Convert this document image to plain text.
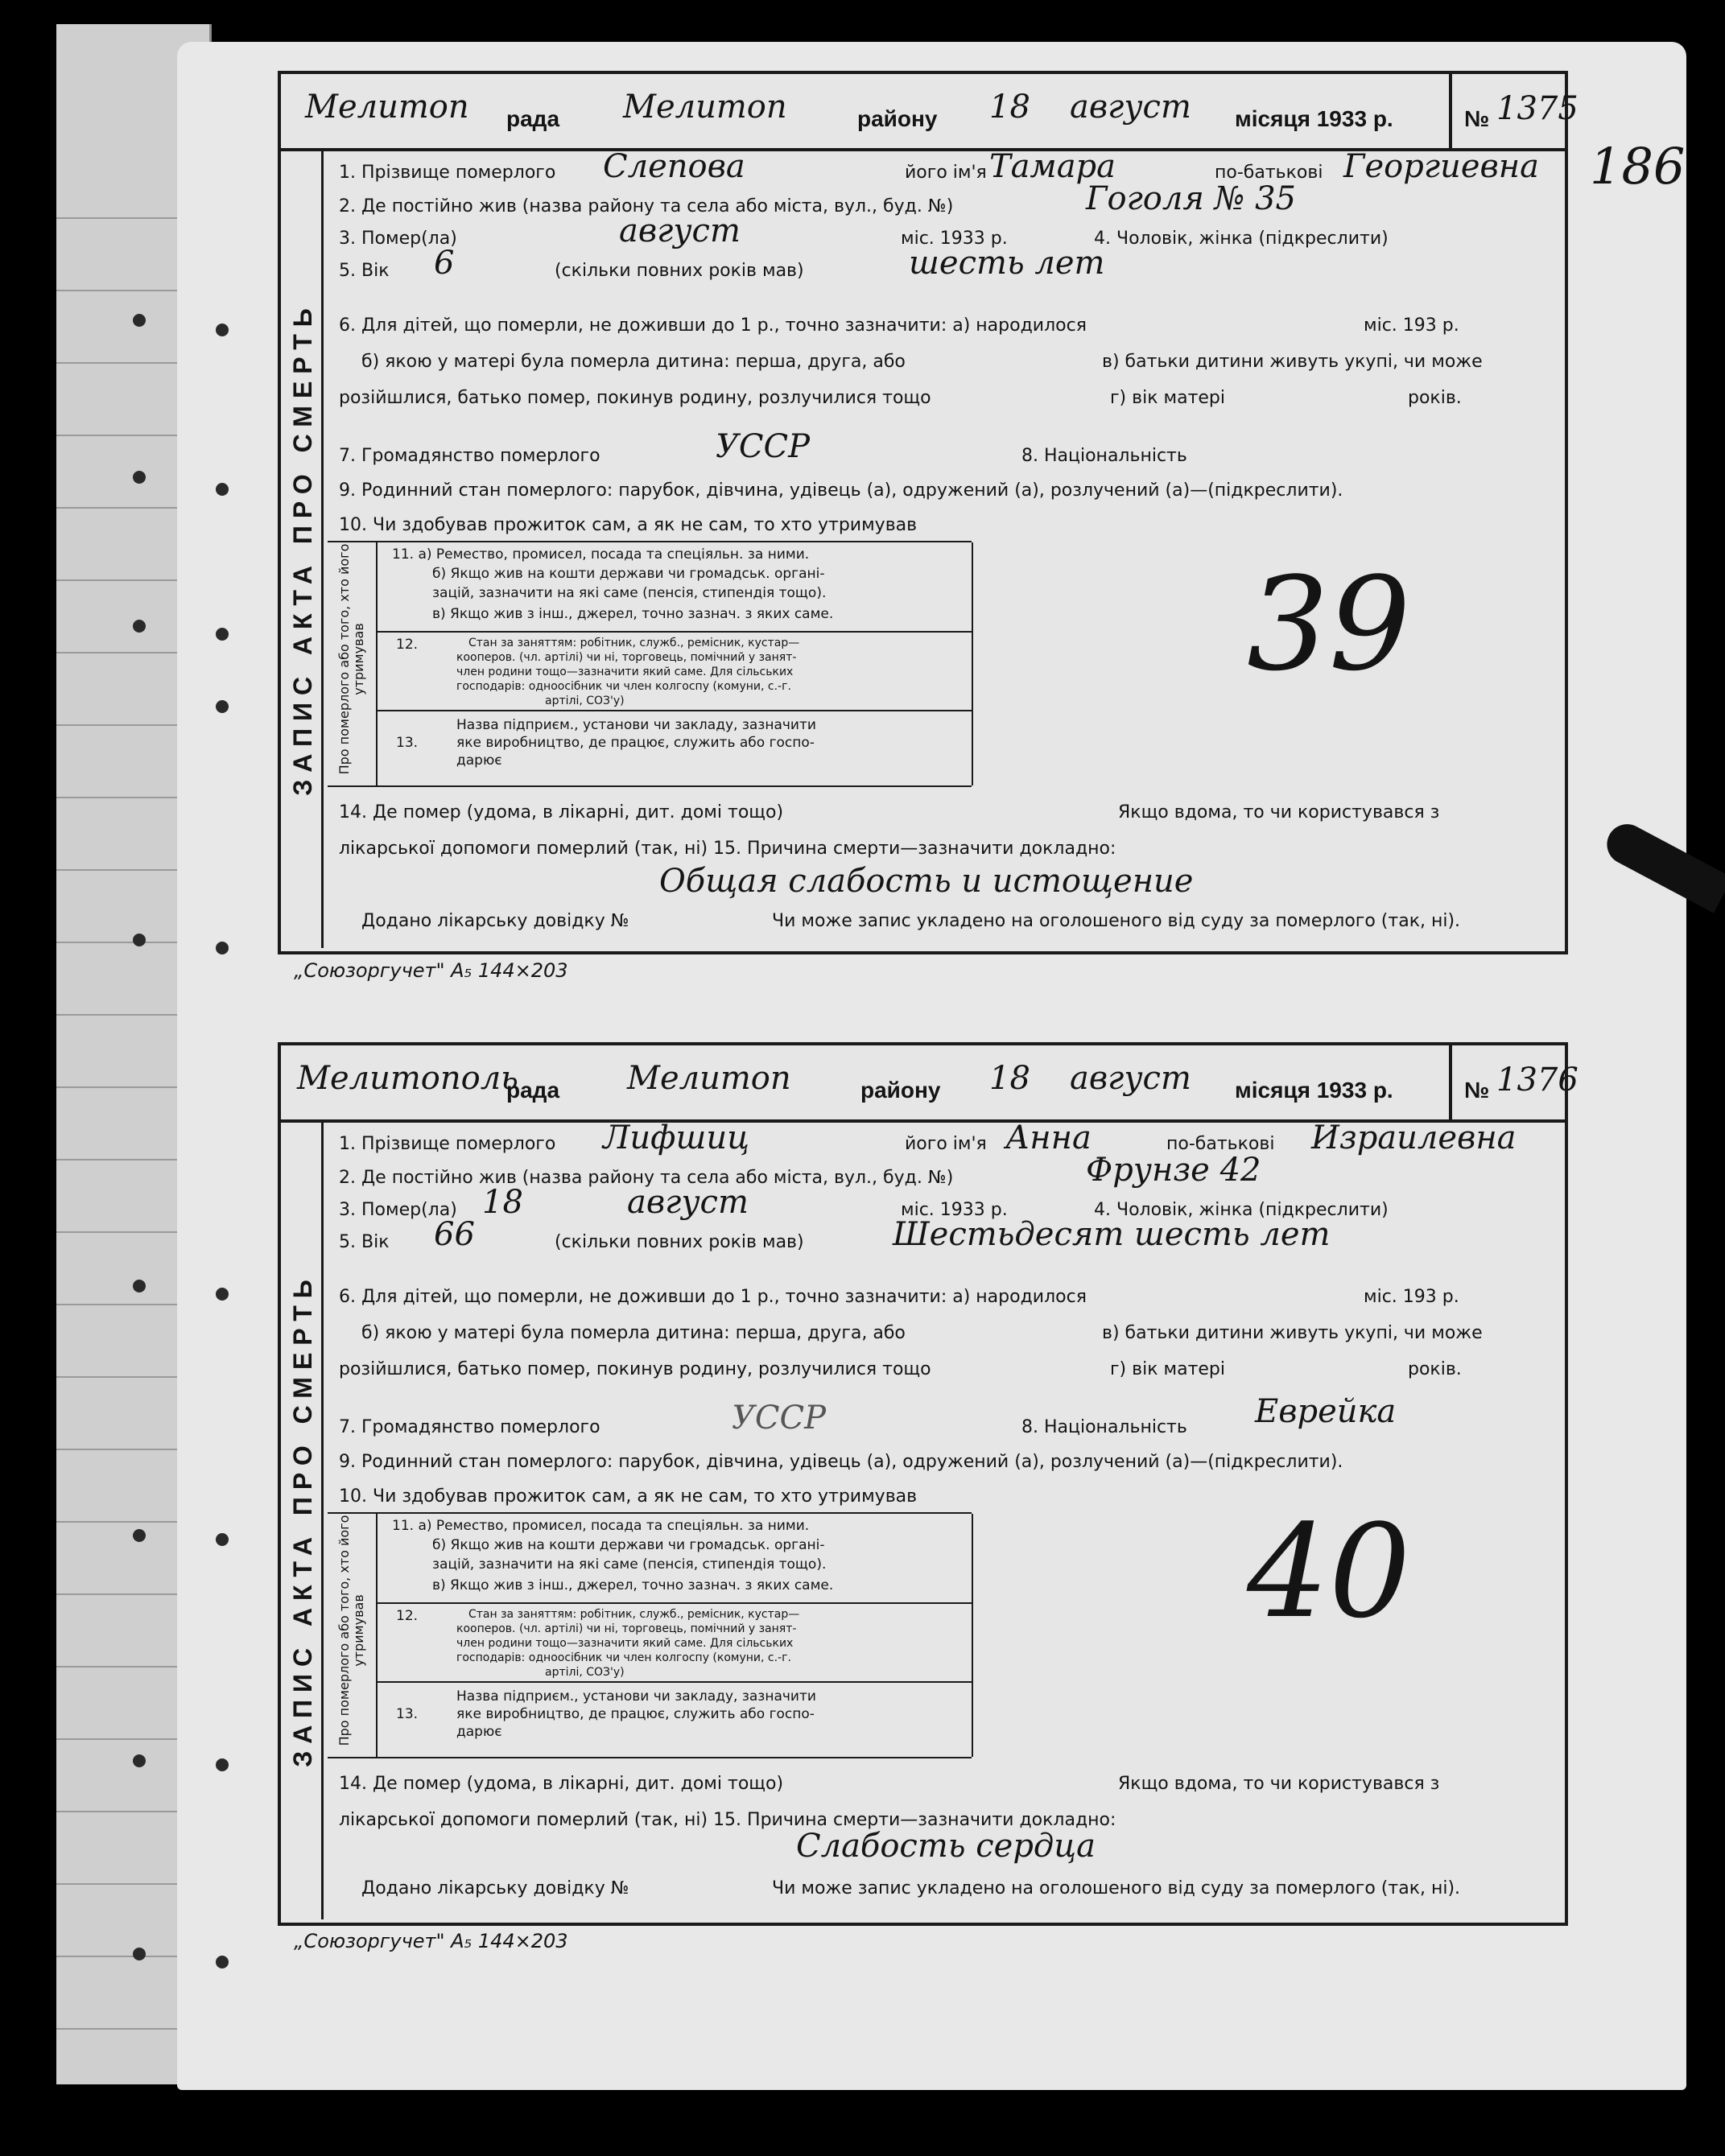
186
Мелитоп рада Мелитоп	району 18 август місяця 1933 р.	№ 1375
ЗАПИС АКТА ПРО СМЕРТЬ
1. Прізвище померлого Слепова	його ім'я Тамара	по-батькові Георгиевна
2. Де постійно жив (назва району та села або міста, вул., буд. №)	Гоголя № 35
3. Помер(ла)	август	міс. 1933 р.	4. Чоловік, жінка (підкреслити)
5. Вік 6	(скільки повних років мав)	шесть лет
6. Для дітей, що померли, не доживши до 1 р., точно зазначити: а) народилося	міс. 193 р.
б) якою у матері була померла дитина: перша, друга, або	в) батьки дитини живуть укупі, чи може
розійшлися, батько помер, покинув родину, розлучилися тощо	г) вік матері	років.
7. Громадянство померлого	УССР	8. Національність
9. Родинний стан померлого: парубок, дівчина, удівець (а), одружений (а), розлучений (а)—(підкреслити).
10. Чи здобував прожиток сам, а як не сам, то хто утримував
Про померлого або того, хто його утримував
11. а) Ремество, промисел, посада та спеціяльн. за ними.
б) Якщо жив на кошти держави чи громадськ. органі-
зацій, зазначити на які саме (пенсія, стипендія тощо).
в) Якщо жив з інш., джерел, точно зазнач. з яких саме.
12.	Стан за заняттям: робітник, служб., ремісник, кустар—
кооперов. (чл. артілі) чи ні, торговець, помічний у занят-
член родини тощо—зазначити який саме. Для сільських
господарів: одноосібник чи член колгоспу (комуни, с.-г.
артілі, СОЗ'у)
13.
Назва підприєм., установи чи закладу, зазначити
яке виробництво, де працює, служить або госпо-
дарює
39
14. Де помер (удома, в лікарні, дит. домі тощо)	Якщо вдома, то чи користувався з
лікарської допомоги померлий (так, ні) 15. Причина смерти—зазначити докладно:
Общая слабость и истощение
Додано лікарську довідку №	Чи може запис укладено на оголошеного від суду за померлого (так, ні).
„Союзоргучет" А₅ 144×203
Мелитополь
рада Мелитоп	району 18 август місяця 1933 р.	№ 1376
ЗАПИС АКТА ПРО СМЕРТЬ
1. Прізвище померлого Лифшиц	його ім'я Анна	по-батькові Израилевна
2. Де постійно жив (назва району та села або міста, вул., буд. №)	Фрунзе 42
3. Помер(ла) 18	август	міс. 1933 р.	4. Чоловік, жінка (підкреслити)
5. Вік 66	(скільки повних років мав)	Шестьдесят шесть лет
6. Для дітей, що померли, не доживши до 1 р., точно зазначити: а) народилося	міс. 193 р.
б) якою у матері була померла дитина: перша, друга, або	в) батьки дитини живуть укупі, чи може
розійшлися, батько помер, покинув родину, розлучилися тощо	г) вік матері	років.
7. Громадянство померлого	УССР	8. Національність Еврейка
9. Родинний стан померлого: парубок, дівчина, удівець (а), одружений (а), розлучений (а)—(підкреслити).
10. Чи здобував прожиток сам, а як не сам, то хто утримував
Про померлого або того, хто його утримував
11. а) Ремество, промисел, посада та спеціяльн. за ними.
б) Якщо жив на кошти держави чи громадськ. органі-
зацій, зазначити на які саме (пенсія, стипендія тощо).
в) Якщо жив з інш., джерел, точно зазнач. з яких саме.
12.	Стан за заняттям: робітник, служб., ремісник, кустар—
кооперов. (чл. артілі) чи ні, торговець, помічний у занят-
член родини тощо—зазначити який саме. Для сільських
господарів: одноосібник чи член колгоспу (комуни, с.-г.
артілі, СОЗ'у)
13.
Назва підприєм., установи чи закладу, зазначити
яке виробництво, де працює, служить або госпо-
дарює
40
14. Де помер (удома, в лікарні, дит. домі тощо)	Якщо вдома, то чи користувався з
лікарської допомоги померлий (так, ні) 15. Причина смерти—зазначити докладно:
Слабость сердца
Додано лікарську довідку №	Чи може запис укладено на оголошеного від суду за померлого (так, ні).
„Союзоргучет" А₅ 144×203
